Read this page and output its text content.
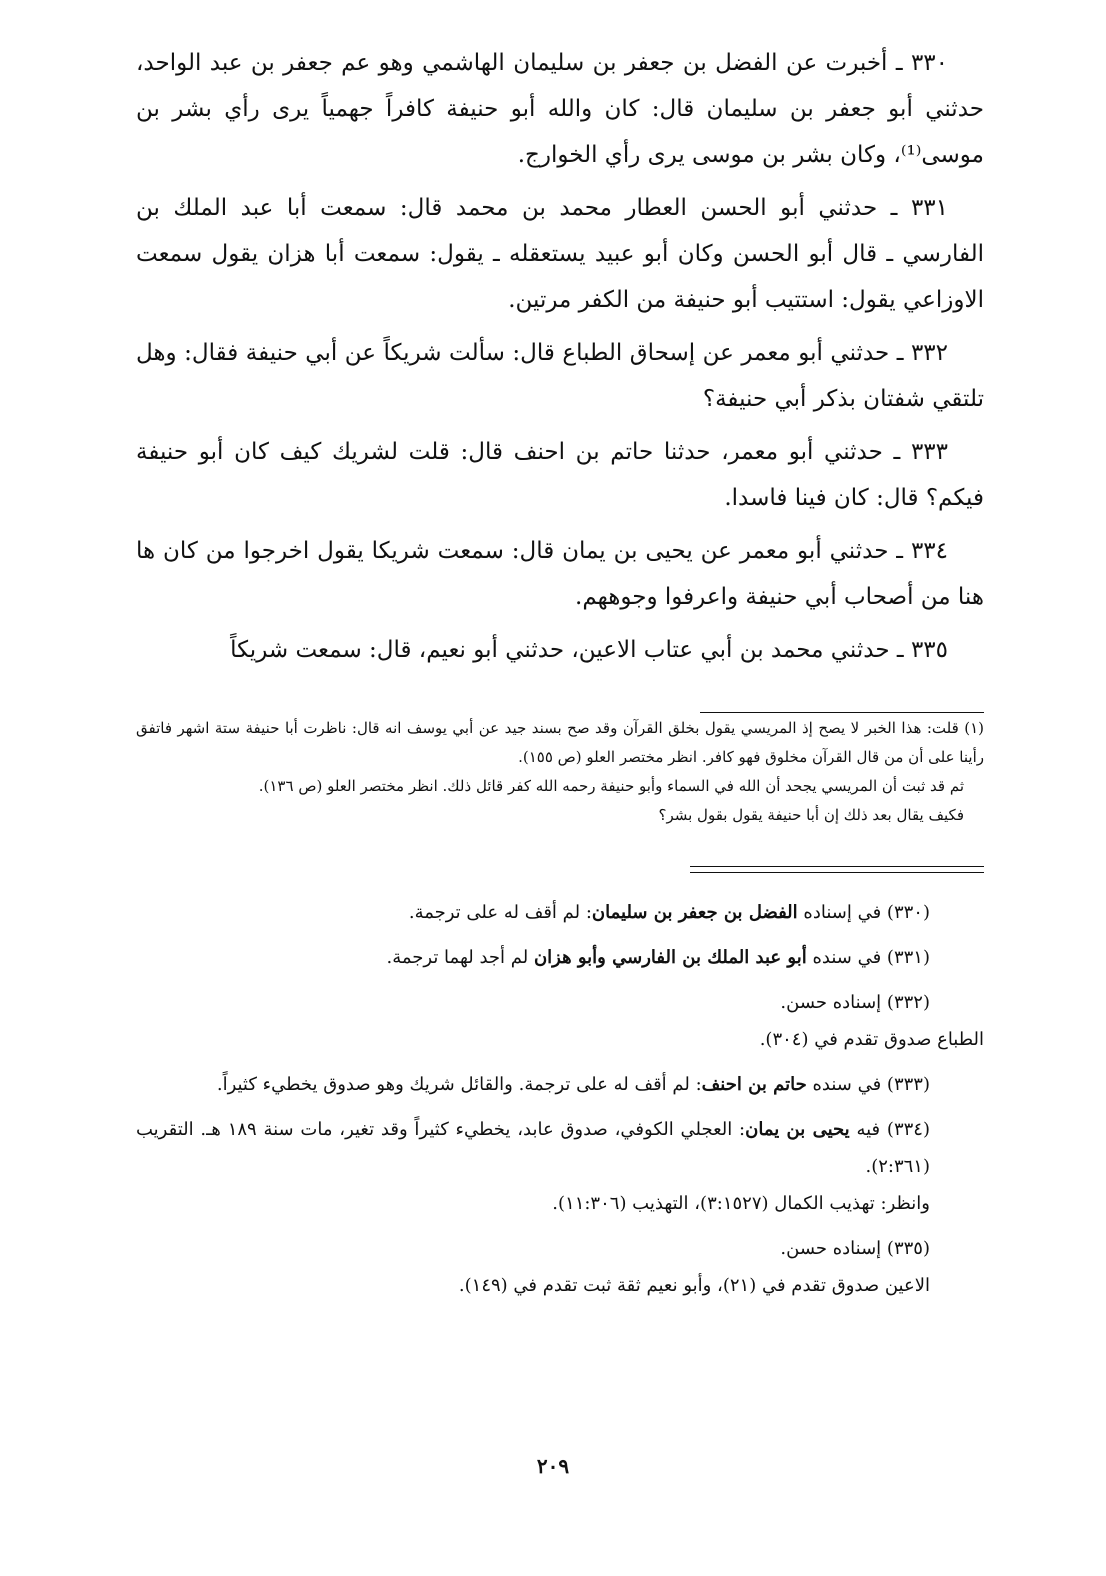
٣٣٠ ـ أخبرت عن الفضل بن جعفر بن سليمان الهاشمي وهو عم جعفر بن عبد الواحد، حدثني أبو جعفر بن سليمان قال: كان والله أبو حنيفة كافراً جهمياً يرى رأي بشر بن موسى⁽¹⁾، وكان بشر بن موسى يرى رأي الخوارج.

٣٣١ ـ حدثني أبو الحسن العطار محمد بن محمد قال: سمعت أبا عبد الملك بن الفارسي ـ قال أبو الحسن وكان أبو عبيد يستعقله ـ يقول: سمعت أبا هزان يقول سمعت الاوزاعي يقول: استتيب أبو حنيفة من الكفر مرتين.

٣٣٢ ـ حدثني أبو معمر عن إسحاق الطباع قال: سألت شريكاً عن أبي حنيفة فقال: وهل تلتقي شفتان بذكر أبي حنيفة؟

٣٣٣ ـ حدثني أبو معمر، حدثنا حاتم بن احنف قال: قلت لشريك كيف كان أبو حنيفة فيكم؟ قال: كان فينا فاسدا.

٣٣٤ ـ حدثني أبو معمر عن يحيى بن يمان قال: سمعت شريكا يقول اخرجوا من كان ها هنا من أصحاب أبي حنيفة واعرفوا وجوههم.

٣٣٥ ـ حدثني محمد بن أبي عتاب الاعين، حدثني أبو نعيم، قال: سمعت شريكاً

(١) قلت: هذا الخبر لا يصح إذ المريسي يقول بخلق القرآن وقد صح بسند جيد عن أبي يوسف انه قال: ناظرت أبا حنيفة ستة اشهر فاتفق رأينا على أن من قال القرآن مخلوق فهو كافر. انظر مختصر العلو (ص ١٥٥).

ثم قد ثبت أن المريسي يجحد أن الله في السماء وأبو حنيفة رحمه الله كفر قائل ذلك. انظر مختصر العلو (ص ١٣٦).

فكيف يقال بعد ذلك إن أبا حنيفة يقول بقول بشر؟

(٣٣٠) في إسناده الفضل بن جعفر بن سليمان: لم أقف له على ترجمة.

(٣٣١) في سنده أبو عبد الملك بن الفارسي وأبو هزان لم أجد لهما ترجمة.

(٣٣٢) إسناده حسن.

الطباع صدوق تقدم في (٣٠٤).

(٣٣٣) في سنده حاتم بن احنف: لم أقف له على ترجمة. والقائل شريك وهو صدوق يخطيء كثيراً.

(٣٣٤) فيه يحيى بن يمان: العجلي الكوفي، صدوق عابد، يخطيء كثيراً وقد تغير، مات سنة ١٨٩ هـ. التقريب (٢:٣٦١).

وانظر: تهذيب الكمال (٣:١٥٢٧)، التهذيب (١١:٣٠٦).

(٣٣٥) إسناده حسن.

الاعين صدوق تقدم في (٢١)، وأبو نعيم ثقة ثبت تقدم في (١٤٩).

٢٠٩
